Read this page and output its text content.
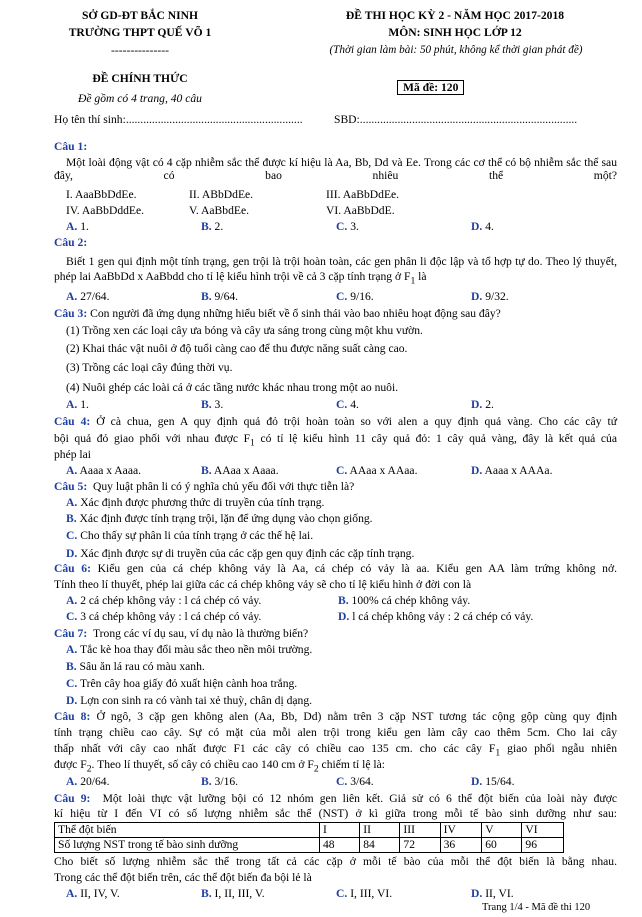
SỞ GD-ĐT BẮC NINH
TRƯỜNG THPT QUẾ VÕ 1
---------------
ĐỀ CHÍNH THỨC
Đề gồm có 4 trang, 40 câu
ĐỀ THI HỌC KỲ 2 - NĂM HỌC 2017-2018
MÔN: SINH HỌC LỚP 12
(Thời gian làm bài: 50 phút, không kể thời gian phát đề)
Mã đề: 120
Họ tên thí sinh:.............................................................	SBD:...........................................................................
Câu 1:
Một loài động vật có 4 cặp nhiễm sắc thể được kí hiệu là Aa, Bb, Dd và Ee. Trong các cơ thể có bộ nhiễm sắc thể sau đây, có bao nhiêu thể một?
I. AaaBbDdEe.	II. ABbDdEe.	III. AaBbDdEe.
IV. AaBbDddEe.	V. AaBbdEe.	VI. AaBbDdE.
A. 1.	B. 2.	C. 3.	D. 4.
Câu 2:
Biết 1 gen qui định một tính trạng, gen trội là trội hoàn toàn, các gen phân li độc lập và tổ hợp tự do. Theo lý thuyết, phép lai AaBbDd x AaBbdd cho tỉ lệ kiểu hình trội về cả 3 cặp tính trạng ở $F_1$ là
A. 27/64.	B. 9/64.	C. 9/16.	D. 9/32.
Câu 3: Con người đã ứng dụng những hiểu biết về ổ sinh thái vào bao nhiêu hoạt động sau đây?
(1) Trồng xen các loại cây ưa bóng và cây ưa sáng trong cùng một khu vườn.
(2) Khai thác vật nuôi ở độ tuổi càng cao để thu được năng suất càng cao.
(3) Trồng các loại cây đúng thời vụ.
(4) Nuôi ghép các loài cá ở các tầng nước khác nhau trong một ao nuôi.
A. 1.	B. 3.	C. 4.	D. 2.
Câu 4: Ở cà chua, gen A quy định quả đỏ trội hoàn toàn so với alen a quy định quả vàng. Cho các cây tứ
bội quả đỏ giao phối với nhau được $F_1$ có tỉ lệ kiểu hình 11 cây quả đỏ: 1 cây quả vàng, đây là kết quả của
phép lai
A. Aaaa x Aaaa.	B. AAaa x Aaaa.	C. AAaa x AAaa.	D. Aaaa x AAAa.
Câu 5: Quy luật phân li có ý nghĩa chủ yếu đối với thực tiễn là?
A. Xác định được phương thức di truyền của tính trạng.
B. Xác định được tính trạng trội, lặn để ứng dụng vào chọn giống.
C. Cho thấy sự phân li của tính trạng ở các thế hệ lai.
D. Xác định được sự di truyền của các cặp gen quy định các cặp tính trạng.
Câu 6: Kiểu gen của cá chép không vảy là Aa, cá chép có vảy là aa. Kiểu gen AA làm trứng không nở.
Tính theo lí thuyết, phép lai giữa các cá chép không vảy sẽ cho tỉ lệ kiểu hình ở đời con là
A. 2 cá chép không vảy : l cá chép có vảy.	B. 100% cá chép không vảy.
C. 3 cá chép không vảy : l cá chép có vảy.	D. l cá chép không vảy : 2 cá chép có vảy.
Câu 7: Trong các ví dụ sau, ví dụ nào là thường biến?
A. Tắc kè hoa thay đổi màu sắc theo nền môi trường.
B. Sâu ăn lá rau có màu xanh.
C. Trên cây hoa giấy đỏ xuất hiện cành hoa trắng.
D. Lợn con sinh ra có vành tai xẻ thuỳ, chân dị dạng.
Câu 8: Ở ngô, 3 cặp gen không alen (Aa, Bb, Dd) nằm trên 3 cặp NST tương tác cộng gộp cùng quy định
tính trạng chiều cao cây. Sự có mặt của mỗi alen trội trong kiểu gen làm cây cao thêm 5cm. Cho lai cây
thấp nhất với cây cao nhất được F1 các cây có chiều cao 135 cm. cho các cây $F_1$ giao phối ngẫu nhiên
được $F_2$. Theo lí thuyết, số cây có chiều cao 140 cm ở $F_2$ chiếm tỉ lệ là:
A. 20/64.	B. 3/16.	C. 3/64.	D. 15/64.
Câu 9: Một loài thực vật lưỡng bội có 12 nhóm gen liên kết. Giả sử có 6 thể đột biến của loài này được
kí hiệu từ I đến VI có số lượng nhiễm sắc thể (NST) ở kì giữa trong mỗi tế bào sinh dưỡng như sau:
Thể đột biến	I	II	III	IV	V	VI
Số lượng NST trong tế bào sinh dưỡng	48	84	72	36	60	96
Cho biết số lượng nhiễm sắc thể trong tất cả các cặp ở mỗi tế bào của mỗi thể đột biến là bằng nhau.
Trong các thể đột biến trên, các thể đột biến đa bội lẻ là
A. II, IV, V.	B. I, II, III, V.	C. I, III, VI.	D. II, VI.
Trang 1/4 - Mã đề thi 120
